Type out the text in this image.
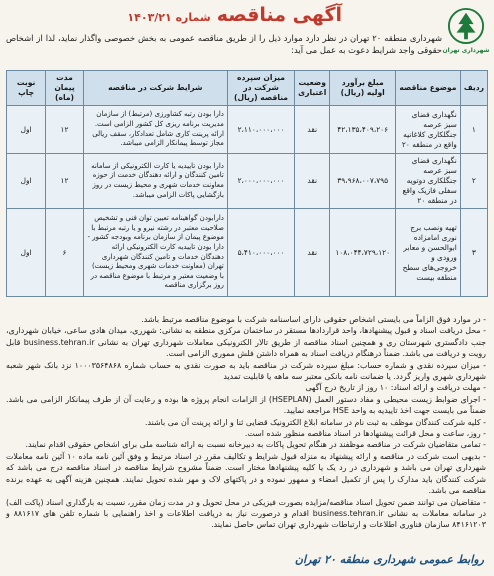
شهرداری تهران
آگهی مناقصه
شماره ۱۴۰۳/۲۱
شهرداری منطقه ۲۰ تهران در نظر دارد موارد ذیل را از طریق مناقصه عمومی به بخش خصوصی واگذار نماید، لذا از اشخاص حقوقی واجد شرایط دعوت به عمل می آید:
ردیف	موضوع مناقصه	مبلغ برآورد اولیه (ریال)	وضعیت اعتباری	میزان سپرده شرکت در مناقصه (ریال)	شرایط شرکت در مناقصه	مدت پیمان (ماه)	نوبت چاپ
۱	نگهداری فضای سبز عرصه جنگلکاری کلاغانیه واقع در منطقه ۲۰	۴۲،۱۳۵،۴۰۹،۲۰۶	نقد	۲،۱۱۰،۰۰۰،۰۰۰	دارا بودن رتبه کشاورزی (مرتبط) از سازمان مدیریت برنامه ریزی کل کشور الزامی است. ارائه پرینت کاری شامل تعدادکار، سقف ریالی مجاز توسط پیمانکار الزامی میباشد.	۱۲	اول
۲	نگهداری فضای سبز عرصه جنگلکاری دوتویه سفلی فازیک واقع در منطقه ۲۰	۳۹،۹۶۸،۰۰۷،۷۹۵	نقد	۲،۰۰۰،۰۰۰،۰۰۰	دارا بودن تاییدیه یا کارت الکترونیکی از سامانه تامین کنندگان و ارائه دهندگان خدمت از حوزه معاونت خدمات شهری و محیط زیست در روز بازگشایی پاکات الزامی میباشد.	۱۲	اول
۳	تهیه ونصب برج نوری امامزاده ابوالحسن و معابر ورودی و خروجی‌های سطح منطقه بیست	۱۰۸،۰۴۴،۷۲۹،۱۲۰	نقد	۵،۴۱۰،۰۰۰،۰۰۰	دارابودن گواهینامه تعیین توان فنی و تشخیص صلاحیت معتبر در رشته نیرو و یا رتبه مرتبط با موضوع پیمان از سازمان برنامه وبودجه کشور - دارا بودن تاییدیه کارت الکترونیکی ارائه دهندگان خدمات و تامین کنندگان شهرداری تهران (معاونت خدمات شهری ومحیط زیست) با وضعیت معتبر و مرتبط با موضوع مناقصه در روز برگزاری مناقصه	۶	اول

- در موارد فوق الزاماً می بایستی اشخاص حقوقی دارای اساسنامه شرکت با موضوع مناقصه مرتبط باشد.

- محل دریافت اسناد و قبول پیشنهادها، واحد قراردادها مستقر در ساختمان مرکزی منطقه به نشانی: شهرری، میدان هادی ساعی، خیابان شهرداری، جنب دادگستری شهرستان ری و همچنین اسناد مناقصه از طریق تالار الکترونیکی معاملات شهرداری تهران به نشانی business.tehran.ir قابل رویت و دریافت می باشد. ضمناً درهنگام دریافت اسناد به همراه داشتن فلش مموری الزامی است.

- میزان سپرده نقدی و شماره حساب: مبلغ سپرده شرکت در مناقصه باید به صورت نقدی به حساب شماره ۱۰۰۰۳۵۶۴۸۶۸ نزد بانک شهر شعبه شهرداری شهری واریز گردد. یا ضمانت نامه بانکی معتبر سه ماهه یا قابلیت تمدید

- مهلت دریافت و ارائه اسناد: ۱۰ روز از تاریخ درج آگهی

- اجرای ضوابط زیست محیطی و مفاد دستور العمل (HSEPLAN) از الزامات انجام پروژه ها بوده و رعایت آن از طرف پیمانکار الزامی می باشد. ضمناً می بایست جهت اخذ تاییدیه به واحد HSE مراجعه نمایید.

- کلیه شرکت کنندگان موظف به ثبت نام در سامانه ابلاغ الکترونیک قضایی ثنا و ارائه پرینت آن می باشند.

- روز، ساعت و محل قرائت پیشنهادها در اسناد مناقصه منظور شده است.

- تمامی متقاضیان شرکت در مناقصه موظفند در هنگام تحویل پاکات به دبیرخانه نسبت به ارائه شناسه ملی برای اشخاص حقوقی اقدام نمایند.

- بدیهی است شرکت در مناقصه و ارائه پیشنهاد به منزله قبول شرایط و تکالیف مقرر در اسناد مرتبط و وفق آئین نامه ماده ۱۰ آئین نامه معاملات شهرداری تهران می باشد و شهرداری در رد یک یا کلیه پیشنهادها مختار است. ضمناً مشروح شرایط مناقصه در اسناد مناقصه درج می باشد که شرکت کنندگان باید مدارک را پس از تکمیل امضاء و ممهور نموده و در پاکتهای لاک و مهر شده تحویل نمایند. همچنین هزینه آگهی به عهده برنده مناقصه می باشد.

- متقاضیان می توانند ضمن تحویل اسناد مناقصه/مزایده بصورت فیزیکی در محل تحویل و در مدت زمان مقرر، نسبت به بارگذاری اسناد (پاکت الف) در سامانه معاملات به نشانی business.tehran.ir اقدام و درصورت نیاز به دریافت اطلاعات و اخذ راهنمایی با شماره تلفن های ۸۸۱۶۱۷ و ۸۴۱۶۱۲۰۳ سازمان فناوری اطلاعات و ارتباطات شهرداری تهران تماس حاصل نمایند.

روابط عمومی شهرداری منطقه ۲۰ تهران
